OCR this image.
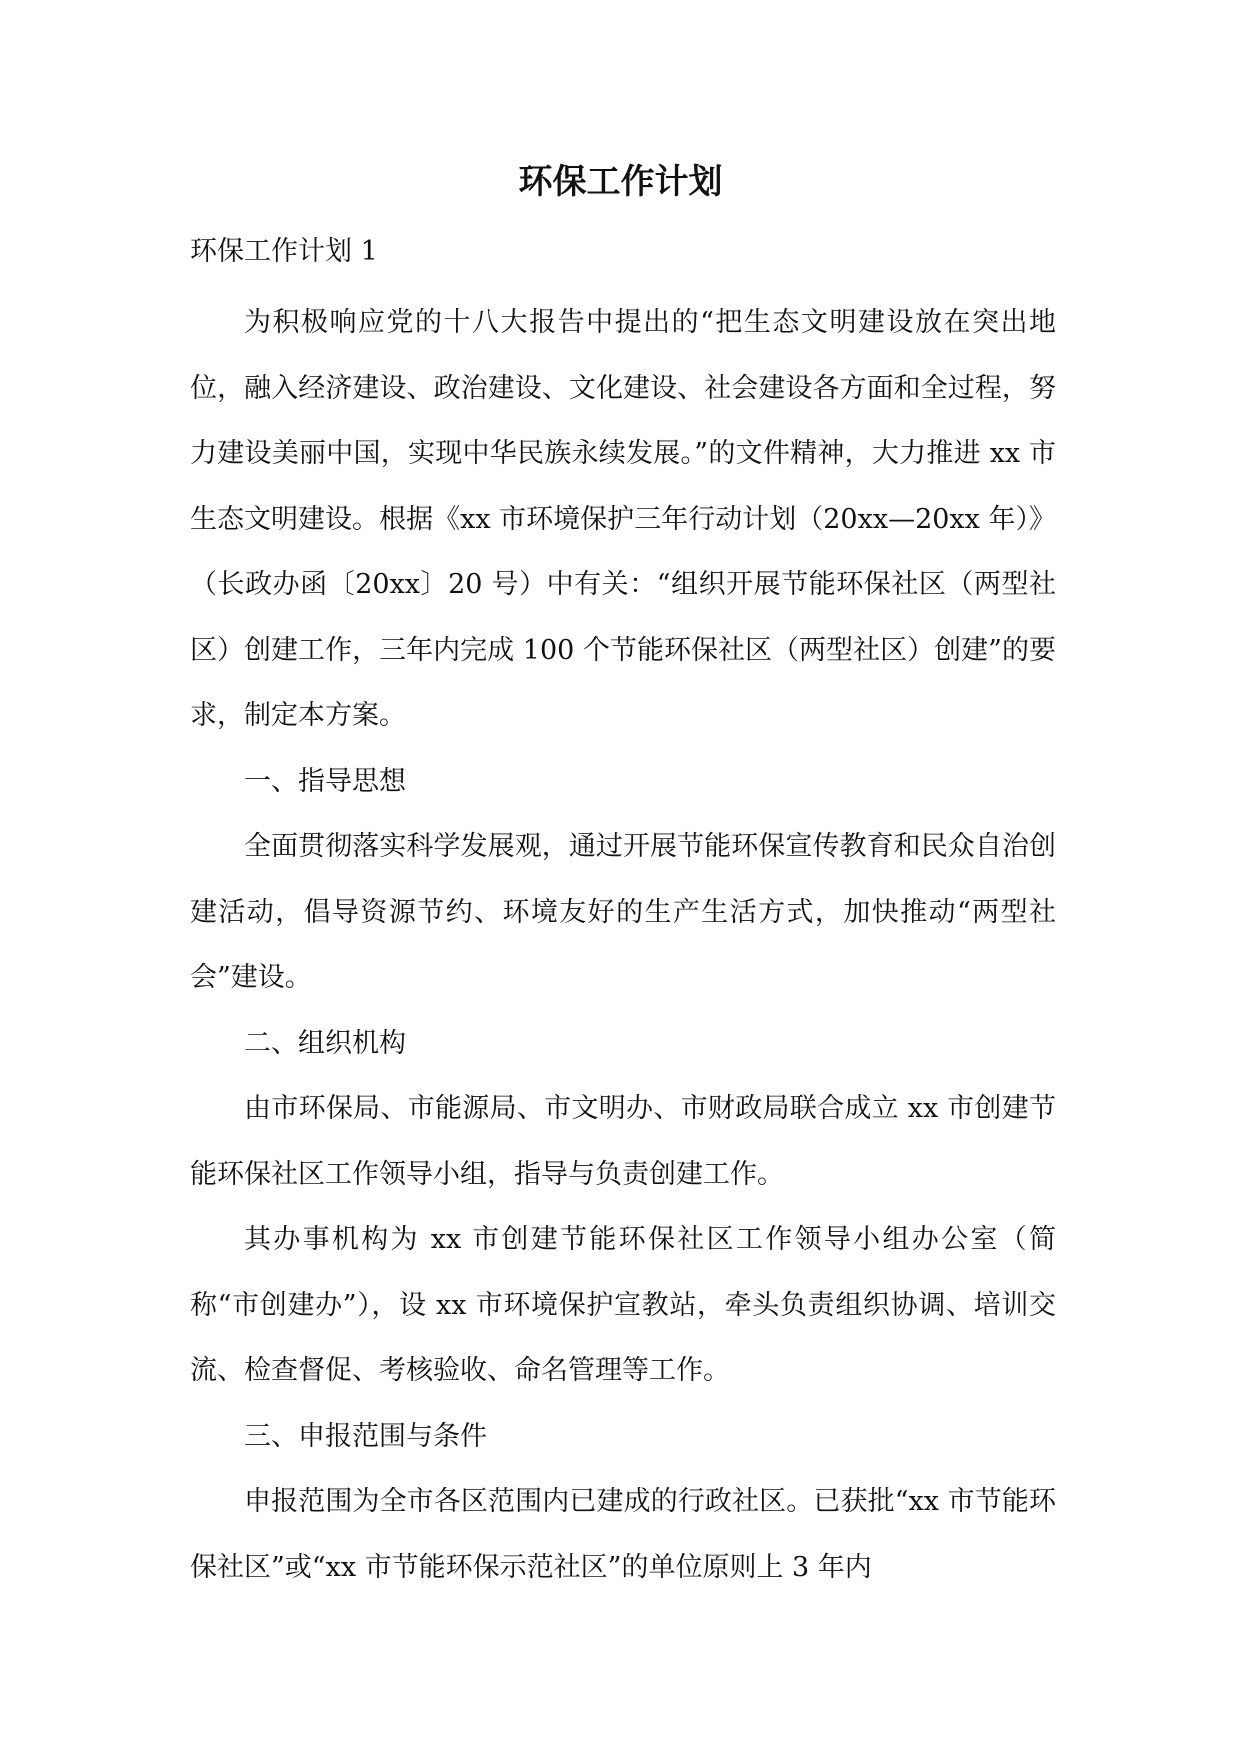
环保工作计划

环保工作计划 1

为积极响应党的十八大报告中提出的“把生态文明建设放在突出地位，融入经济建设、政治建设、文化建设、社会建设各方面和全过程，努力建设美丽中国，实现中华民族永续发展。”的文件精神，大力推进 xx 市生态文明建设。根据《xx 市环境保护三年行动计划（20xx—20xx 年）》（长政办函〔20xx〕20 号）中有关：“组织开展节能环保社区（两型社区）创建工作，三年内完成 100 个节能环保社区（两型社区）创建”的要求，制定本方案。

一、指导思想

全面贯彻落实科学发展观，通过开展节能环保宣传教育和民众自治创建活动，倡导资源节约、环境友好的生产生活方式，加快推动“两型社会”建设。

二、组织机构

由市环保局、市能源局、市文明办、市财政局联合成立 xx 市创建节能环保社区工作领导小组，指导与负责创建工作。

其办事机构为 xx 市创建节能环保社区工作领导小组办公室（简称“市创建办”），设 xx 市环境保护宣教站，牵头负责组织协调、培训交流、检查督促、考核验收、命名管理等工作。

三、申报范围与条件

申报范围为全市各区范围内已建成的行政社区。已获批“xx 市节能环保社区”或“xx 市节能环保示范社区”的单位原则上 3 年内
